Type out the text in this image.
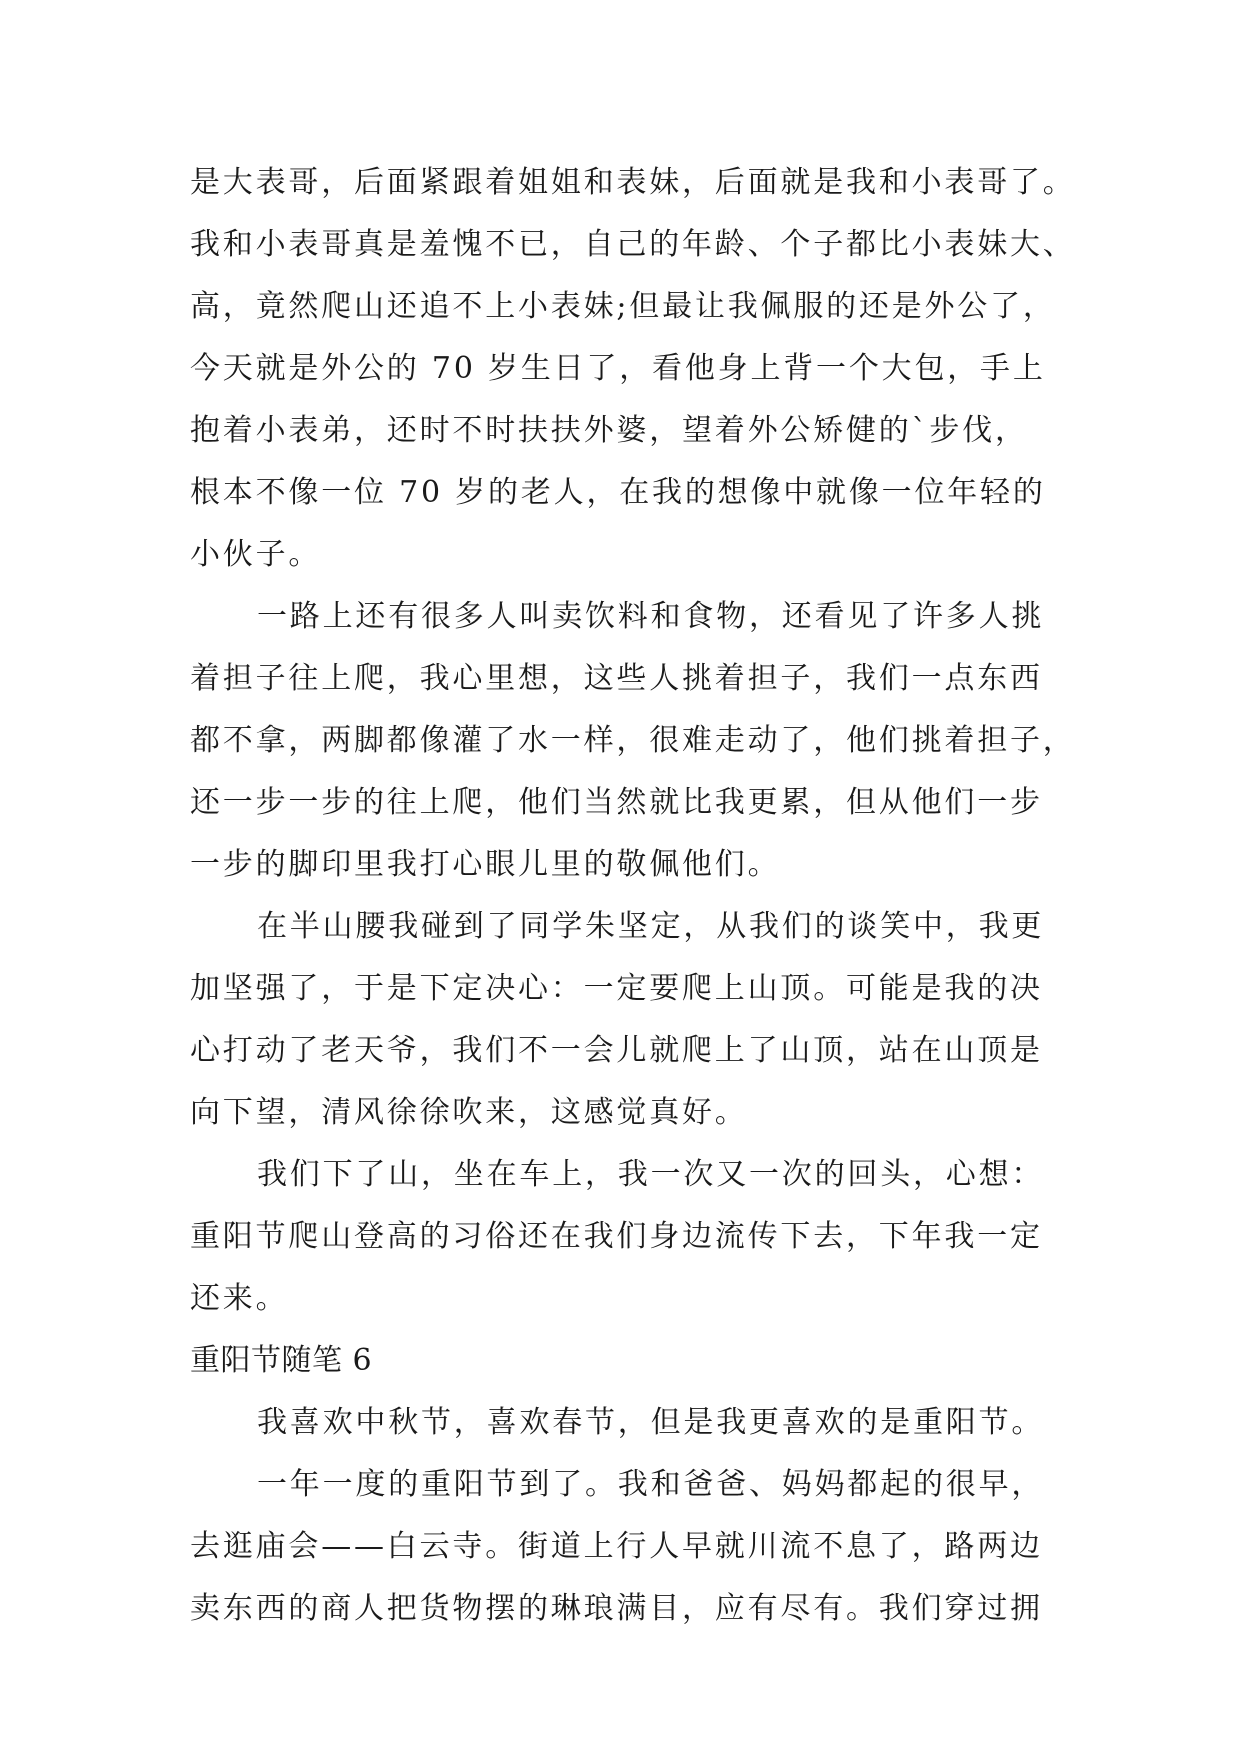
是大表哥，后面紧跟着姐姐和表妹，后面就是我和小表哥了。
我和小表哥真是羞愧不已，自己的年龄、个子都比小表妹大、
高，竟然爬山还追不上小表妹;但最让我佩服的还是外公了，
今天就是外公的 70 岁生日了，看他身上背一个大包，手上
抱着小表弟，还时不时扶扶外婆，望着外公矫健的`步伐，
根本不像一位 70 岁的老人，在我的想像中就像一位年轻的
小伙子。
一路上还有很多人叫卖饮料和食物，还看见了许多人挑
着担子往上爬，我心里想，这些人挑着担子，我们一点东西
都不拿，两脚都像灌了水一样，很难走动了，他们挑着担子，
还一步一步的往上爬，他们当然就比我更累，但从他们一步
一步的脚印里我打心眼儿里的敬佩他们。
在半山腰我碰到了同学朱坚定，从我们的谈笑中，我更
加坚强了，于是下定决心：一定要爬上山顶。可能是我的决
心打动了老天爷，我们不一会儿就爬上了山顶，站在山顶是
向下望，清风徐徐吹来，这感觉真好。
我们下了山，坐在车上，我一次又一次的回头，心想：
重阳节爬山登高的习俗还在我们身边流传下去，下年我一定
还来。
重阳节随笔 6
我喜欢中秋节，喜欢春节，但是我更喜欢的是重阳节。
一年一度的重阳节到了。我和爸爸、妈妈都起的很早，
去逛庙会——白云寺。街道上行人早就川流不息了，路两边
卖东西的商人把货物摆的琳琅满目，应有尽有。我们穿过拥
